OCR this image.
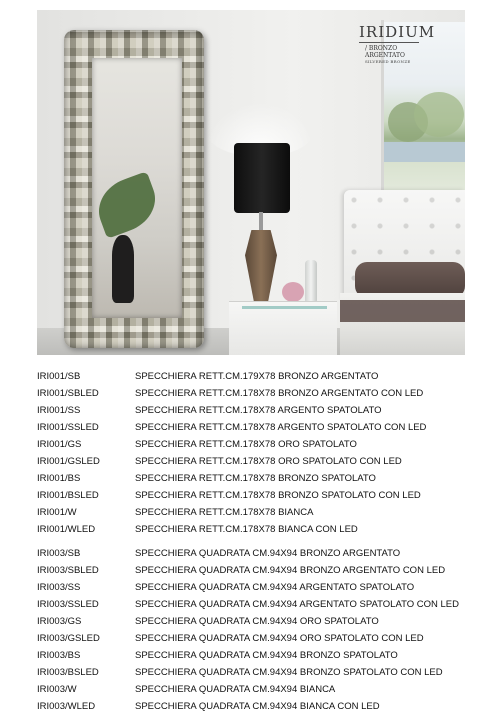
IRIDIUM
/ BRONZO
ARGENTATO
SILVERED BRONZE
IRI001/SB	SPECCHIERA RETT.CM.179X78 BRONZO ARGENTATO
IRI001/SBLED	SPECCHIERA RETT.CM.178X78 BRONZO ARGENTATO CON LED
IRI001/SS	SPECCHIERA RETT.CM.178X78 ARGENTO SPATOLATO
IRI001/SSLED	SPECCHIERA RETT.CM.178X78 ARGENTO SPATOLATO CON LED
IRI001/GS	SPECCHIERA RETT.CM.178X78 ORO SPATOLATO
IRI001/GSLED	SPECCHIERA RETT.CM.178X78 ORO SPATOLATO CON LED
IRI001/BS	SPECCHIERA RETT.CM.178X78 BRONZO SPATOLATO
IRI001/BSLED	SPECCHIERA RETT.CM.178X78 BRONZO SPATOLATO CON LED
IRI001/W	SPECCHIERA RETT.CM.178X78 BIANCA
IRI001/WLED	SPECCHIERA RETT.CM.178X78 BIANCA CON LED
IRI003/SB	SPECCHIERA QUADRATA CM.94X94 BRONZO ARGENTATO
IRI003/SBLED	SPECCHIERA QUADRATA CM.94X94 BRONZO ARGENTATO CON LED
IRI003/SS	SPECCHIERA QUADRATA CM.94X94 ARGENTATO SPATOLATO
IRI003/SSLED	SPECCHIERA QUADRATA CM.94X94 ARGENTATO SPATOLATO CON LED
IRI003/GS	SPECCHIERA QUADRATA CM.94X94 ORO SPATOLATO
IRI003/GSLED	SPECCHIERA QUADRATA CM.94X94 ORO SPATOLATO CON LED
IRI003/BS	SPECCHIERA QUADRATA CM.94X94 BRONZO SPATOLATO
IRI003/BSLED	SPECCHIERA QUADRATA CM.94X94 BRONZO SPATOLATO CON LED
IRI003/W	SPECCHIERA QUADRATA CM.94X94 BIANCA
IRI003/WLED	SPECCHIERA QUADRATA CM.94X94 BIANCA CON LED
